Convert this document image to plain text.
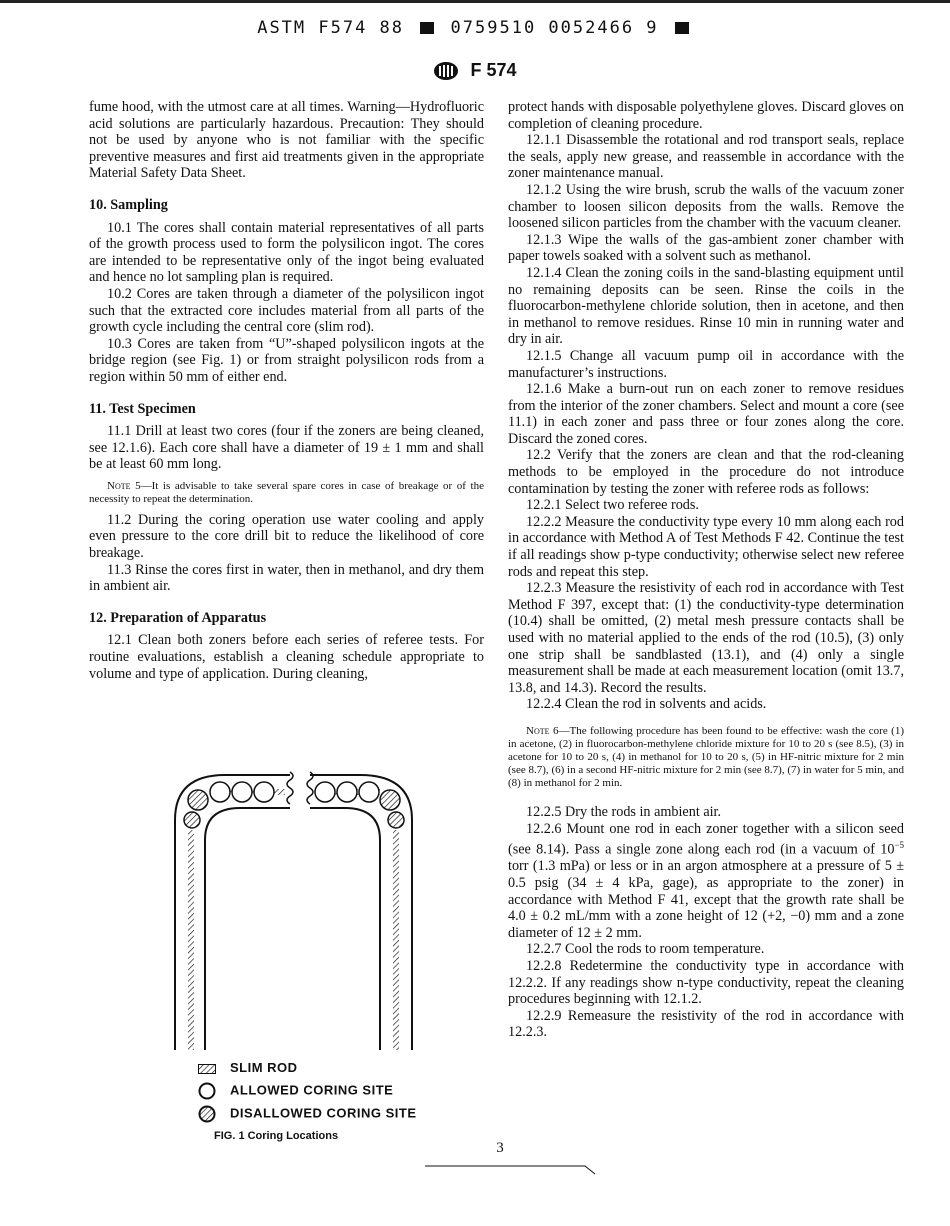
ASTM F574 88	0759510 0052466 9
F 574

fume hood, with the utmost care at all times. Warning—Hydrofluoric acid solutions are particularly hazardous. Precaution: They should not be used by anyone who is not familiar with the specific preventive measures and first aid treatments given in the appropriate Material Safety Data Sheet.

10. Sampling

10.1 The cores shall contain material representatives of all parts of the growth process used to form the polysilicon ingot. The cores are intended to be representative only of the ingot being evaluated and hence no lot sampling plan is required.

10.2 Cores are taken through a diameter of the polysilicon ingot such that the extracted core includes material from all parts of the growth cycle including the central core (slim rod).

10.3 Cores are taken from “U”-shaped polysilicon ingots at the bridge region (see Fig. 1) or from straight polysilicon rods from a region within 50 mm of either end.

11. Test Specimen

11.1 Drill at least two cores (four if the zoners are being cleaned, see 12.1.6). Each core shall have a diameter of 19 ± 1 mm and shall be at least 60 mm long.

Note 5—It is advisable to take several spare cores in case of breakage or of the necessity to repeat the determination.

11.2 During the coring operation use water cooling and apply even pressure to the core drill bit to reduce the likelihood of core breakage.

11.3 Rinse the cores first in water, then in methanol, and dry them in ambient air.

12. Preparation of Apparatus

12.1 Clean both zoners before each series of referee tests. For routine evaluations, establish a cleaning schedule appropriate to volume and type of application. During cleaning,

protect hands with disposable polyethylene gloves. Discard gloves on completion of cleaning procedure.

12.1.1 Disassemble the rotational and rod transport seals, replace the seals, apply new grease, and reassemble in accordance with the zoner maintenance manual.

12.1.2 Using the wire brush, scrub the walls of the vacuum zoner chamber to loosen silicon deposits from the walls. Remove the loosened silicon particles from the chamber with the vacuum cleaner.

12.1.3 Wipe the walls of the gas-ambient zoner chamber with paper towels soaked with a solvent such as methanol.

12.1.4 Clean the zoning coils in the sand-blasting equipment until no remaining deposits can be seen. Rinse the coils in the fluorocarbon-methylene chloride solution, then in acetone, and then in methanol to remove residues. Rinse 10 min in running water and dry in air.

12.1.5 Change all vacuum pump oil in accordance with the manufacturer’s instructions.

12.1.6 Make a burn-out run on each zoner to remove residues from the interior of the zoner chambers. Select and mount a core (see 11.1) in each zoner and pass three or four zones along the core. Discard the zoned cores.

12.2 Verify that the zoners are clean and that the rod-cleaning methods to be employed in the procedure do not introduce contamination by testing the zoner with referee rods as follows:

12.2.1 Select two referee rods.

12.2.2 Measure the conductivity type every 10 mm along each rod in accordance with Method A of Test Methods F 42. Continue the test if all readings show p-type conductivity; otherwise select new referee rods and repeat this step.

12.2.3 Measure the resistivity of each rod in accordance with Test Method F 397, except that: (1) the conductivity-type determination (10.4) shall be omitted, (2) metal mesh pressure contacts shall be used with no material applied to the ends of the rod (10.5), (3) only one strip shall be sandblasted (13.1), and (4) only a single measurement shall be made at each measurement location (omit 13.7, 13.8, and 14.3). Record the results.

12.2.4 Clean the rod in solvents and acids.

Note 6—The following procedure has been found to be effective: wash the core (1) in acetone, (2) in fluorocarbon-methylene chloride mixture for 10 to 20 s (see 8.5), (3) in acetone for 10 to 20 s, (4) in methanol for 10 to 20 s, (5) in HF-nitric mixture for 2 min (see 8.7), (6) in a second HF-nitric mixture for 2 min (see 8.7), (7) in water for 5 min, and (8) in methanol for 2 min.

12.2.5 Dry the rods in ambient air.

12.2.6 Mount one rod in each zoner together with a silicon seed (see 8.14). Pass a single zone along each rod (in a vacuum of $10^{-5}$ torr (1.3 mPa) or less or in an argon atmosphere at a pressure of 5 ± 0.5 psig (34 ± 4 kPa, gage), as appropriate to the zoner) in accordance with Method F 41, except that the growth rate shall be 4.0 ± 0.2 mL/mm with a zone height of 12 (+2, −0) mm and a zone diameter of 12 ± 2 mm.

12.2.7 Cool the rods to room temperature.

12.2.8 Redetermine the conductivity type in accordance with 12.2.2. If any readings show n-type conductivity, repeat the cleaning procedures beginning with 12.1.2.

12.2.9 Remeasure the resistivity of the rod in accordance with 12.2.3.

SLIM ROD
ALLOWED CORING SITE
DISALLOWED CORING SITE
FIG. 1 Coring Locations
3
